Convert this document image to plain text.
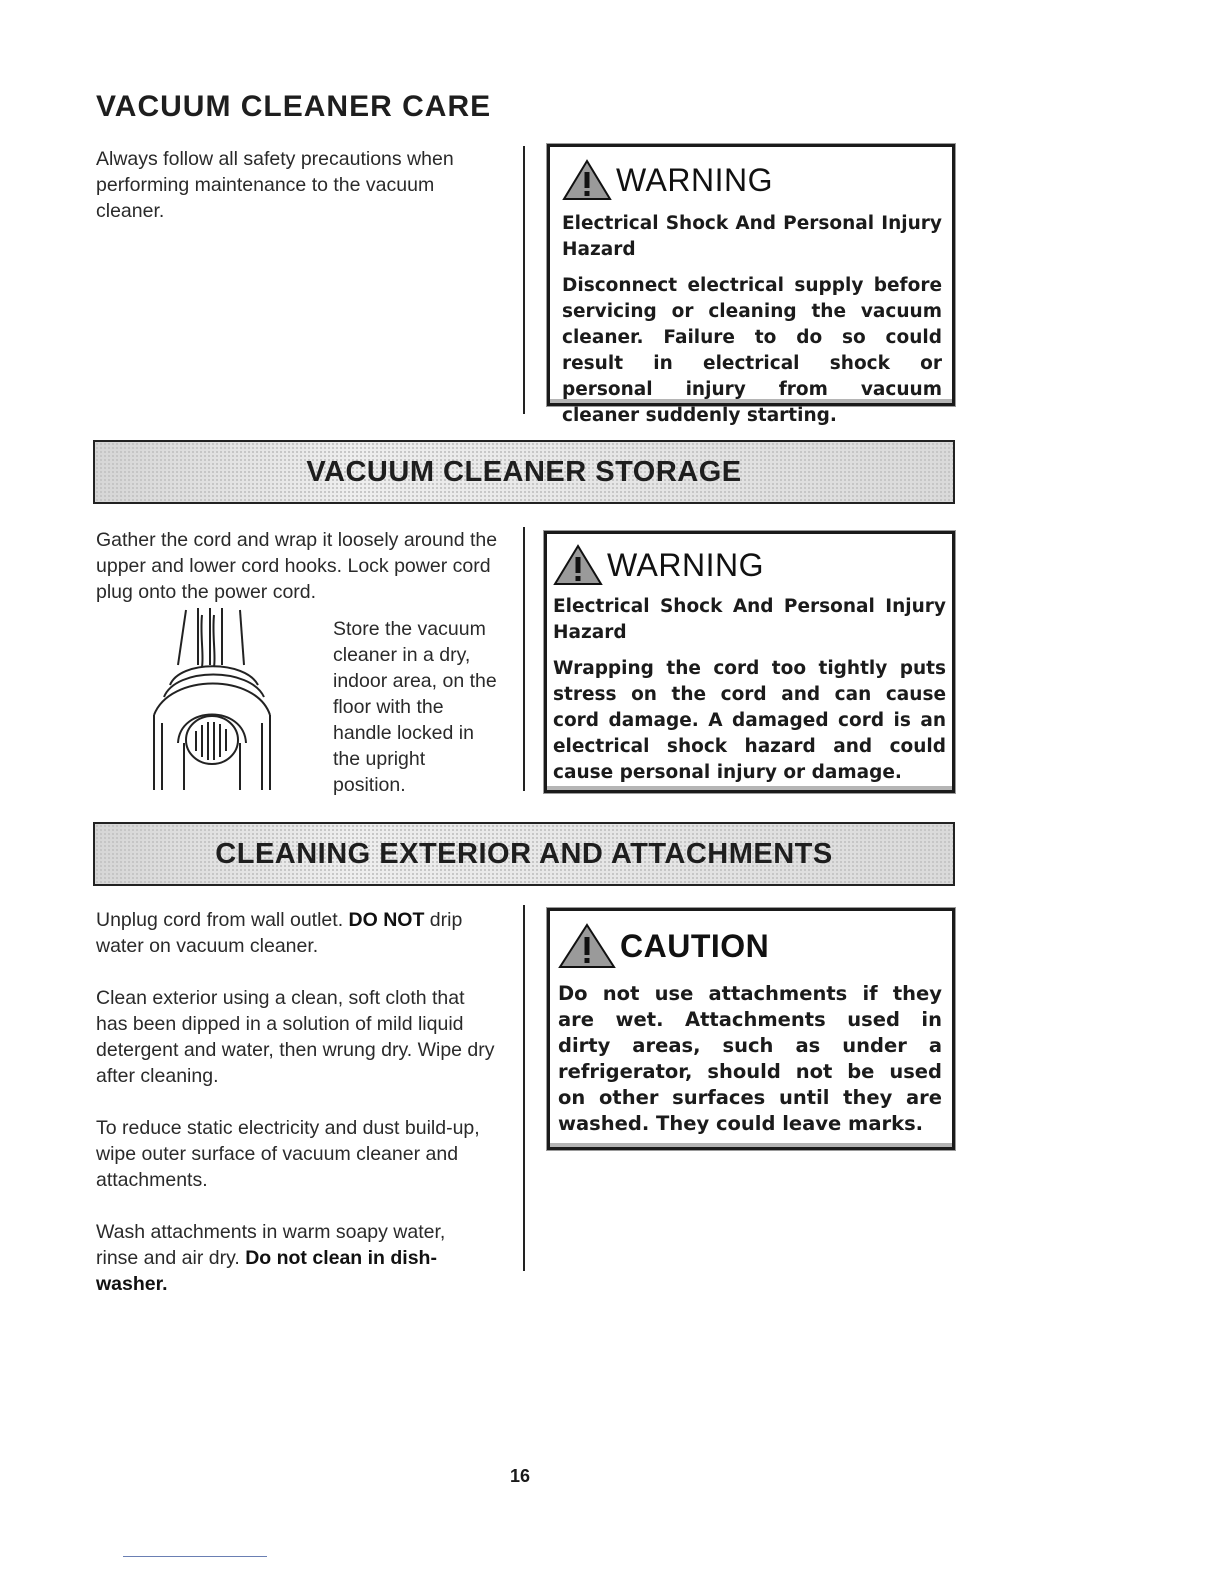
VACUUM CLEANER CARE
Always follow all safety precautions when performing maintenance to the vacuum cleaner.
WARNING

Electrical Shock And Personal Injury Hazard

Disconnect electrical supply before servicing or cleaning the vacuum cleaner. Failure to do so could result in electrical shock or personal injury from vacuum cleaner suddenly starting.

VACUUM CLEANER STORAGE
Gather the cord and wrap it loosely around the upper and lower cord hooks. Lock power cord plug onto the power cord.
Store the vacuum cleaner in a dry, indoor area, on the floor with the handle locked in the upright position.
WARNING

Electrical Shock And Personal Injury Hazard

Wrapping the cord too tightly puts stress on the cord and can cause cord damage. A damaged cord is an electrical shock hazard and could cause personal injury or damage.

CLEANING EXTERIOR AND ATTACHMENTS
Unplug cord from wall outlet. DO NOT drip water on vacuum cleaner.
Clean exterior using a clean, soft cloth that has been dipped in a solution of mild liquid detergent and water, then wrung dry. Wipe dry after cleaning.
To reduce static electricity and dust build-up, wipe outer surface of vacuum cleaner and attachments.
Wash attachments in warm soapy water, rinse and air dry. Do not clean in dish-washer.
CAUTION

Do not use attachments if they are wet. Attachments used in dirty areas, such as under a refrigerator, should not be used on other surfaces until they are washed. They could leave marks.

16
